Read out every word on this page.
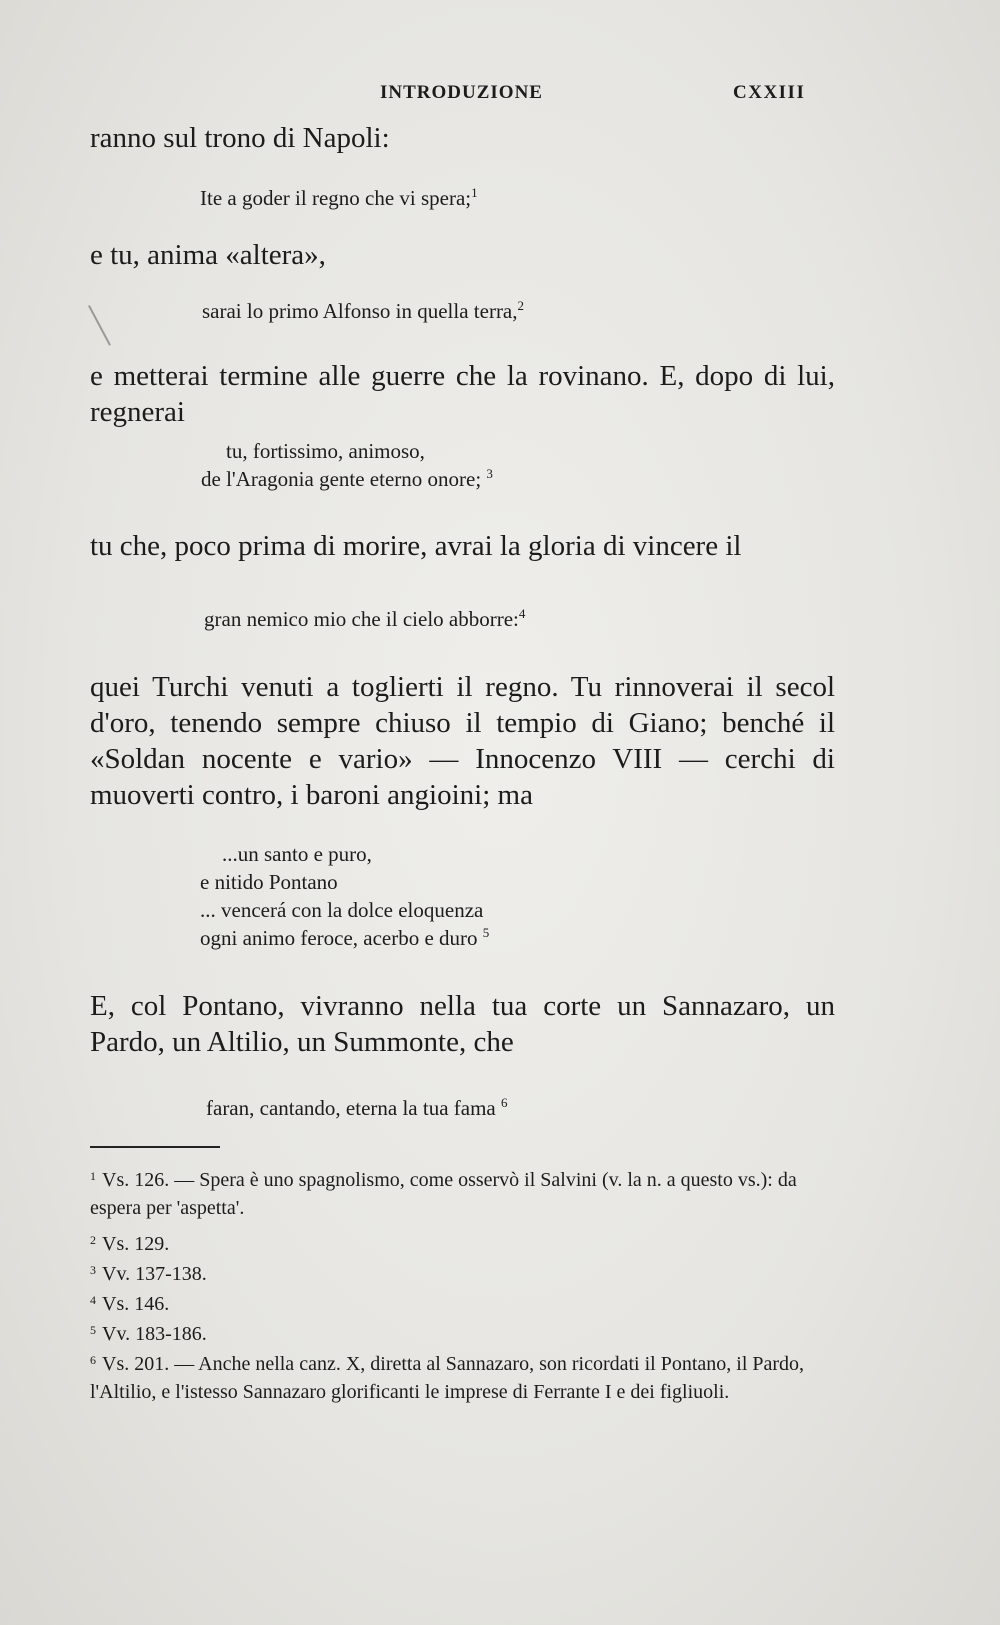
INTRODUZIONE	CXXIII

ranno sul trono di Napoli:

Ite a goder il regno che vi spera;$^1$

e tu, anima «altera»,

sarai lo primo Alfonso in quella terra,$^2$

e metterai termine alle guerre che la rovinano. E, dopo di lui, regnerai

tu, fortissimo, animoso,
de l'Aragonia gente eterno onore; $^3$

tu che, poco prima di morire, avrai la gloria di vincere il

gran nemico mio che il cielo abborre:$^4$

quei Turchi venuti a toglierti il regno. Tu rinnoverai il secol d'oro, tenendo sempre chiuso il tempio di Giano; benché il «Soldan nocente e vario» — Innocenzo VIII — cerchi di muoverti contro, i baroni angioini; ma

...un santo e puro,
e nitido Pontano
... vencerá con la dolce eloquenza
ogni animo feroce, acerbo e duro $^5$

E, col Pontano, vivranno nella tua corte un Sannazaro, un Pardo, un Altilio, un Summonte, che

faran, cantando, eterna la tua fama $^6$

$^1$ Vs. 126. — Spera è uno spagnolismo, come osservò il Salvini (v. la n. a questo vs.): da espera per 'aspetta'.

$^2$ Vs. 129.

$^3$ Vv. 137-138.

$^4$ Vs. 146.

$^5$ Vv. 183-186.

$^6$ Vs. 201. — Anche nella canz. X, diretta al Sannazaro, son ricordati il Pontano, il Pardo, l'Altilio, e l'istesso Sannazaro glorificanti le imprese di Ferrante I e dei figliuoli.
